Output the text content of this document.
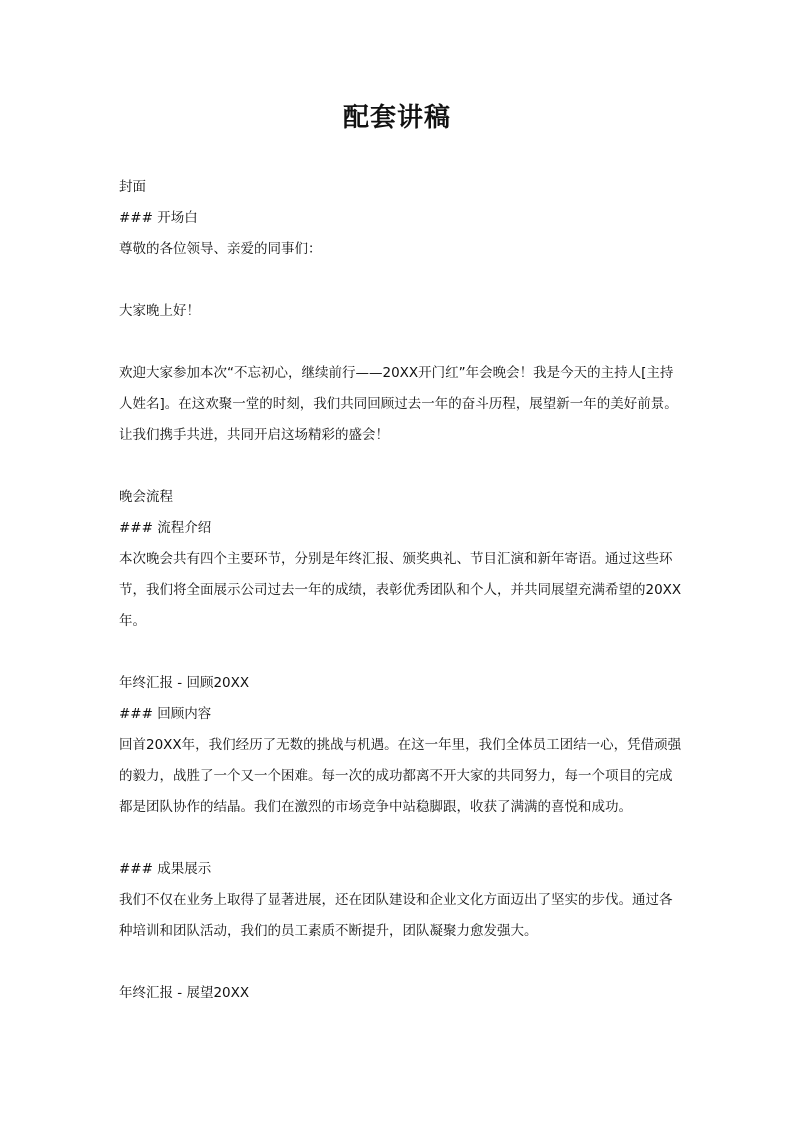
配套讲稿
封面
### 开场白
尊敬的各位领导、亲爱的同事们：
大家晚上好！
欢迎大家参加本次“不忘初心，继续前行——20XX开门红”年会晚会！我是今天的主持人[主持人姓名]。在这欢聚一堂的时刻，我们共同回顾过去一年的奋斗历程，展望新一年的美好前景。让我们携手共进，共同开启这场精彩的盛会！
晚会流程
### 流程介绍
本次晚会共有四个主要环节，分别是年终汇报、颁奖典礼、节目汇演和新年寄语。通过这些环节，我们将全面展示公司过去一年的成绩，表彰优秀团队和个人，并共同展望充满希望的20XX年。
年终汇报 - 回顾20XX
### 回顾内容
回首20XX年，我们经历了无数的挑战与机遇。在这一年里，我们全体员工团结一心，凭借顽强的毅力，战胜了一个又一个困难。每一次的成功都离不开大家的共同努力，每一个项目的完成都是团队协作的结晶。我们在激烈的市场竞争中站稳脚跟，收获了满满的喜悦和成功。
### 成果展示
我们不仅在业务上取得了显著进展，还在团队建设和企业文化方面迈出了坚实的步伐。通过各种培训和团队活动，我们的员工素质不断提升，团队凝聚力愈发强大。
年终汇报 - 展望20XX
